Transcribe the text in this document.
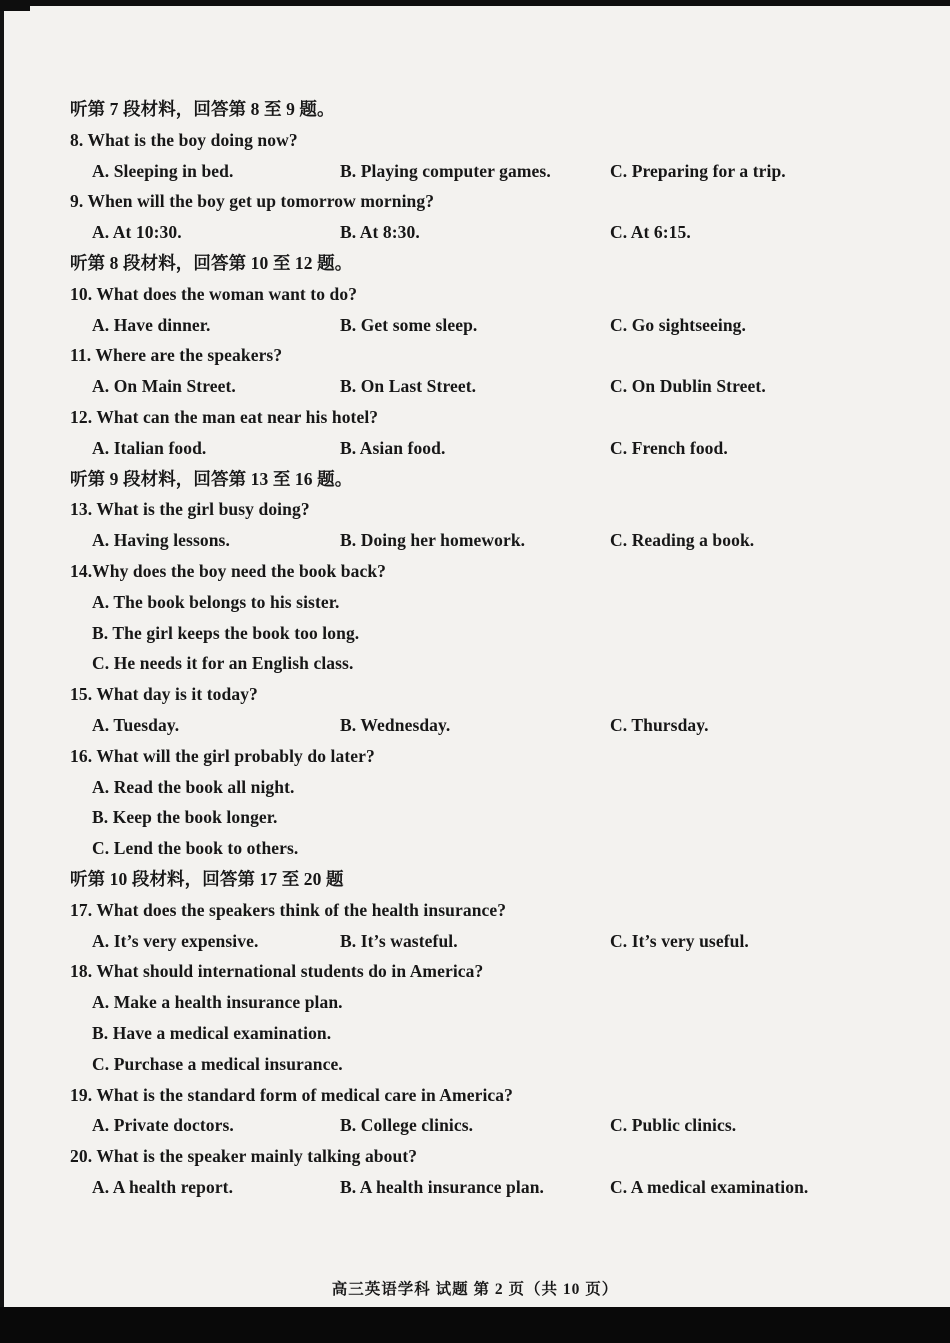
听第 7 段材料，回答第 8 至 9 题。
8. What is the boy doing now?
A. Sleeping in bed.	B. Playing computer games.	C. Preparing for a trip.
9. When will the boy get up tomorrow morning?
A. At 10:30.	B. At 8:30.	C. At 6:15.
听第 8 段材料，回答第 10 至 12 题。
10. What does the woman want to do?
A. Have dinner.	B. Get some sleep.	C. Go sightseeing.
11. Where are the speakers?
A. On Main Street.	B. On Last Street.	C. On Dublin Street.
12. What can the man eat near his hotel?
A. Italian food.	B. Asian food.	C. French food.
听第 9 段材料，回答第 13 至 16 题。
13. What is the girl busy doing?
A. Having lessons.	B. Doing her homework.	C. Reading a book.
14.Why does the boy need the book back?
A. The book belongs to his sister.
B. The girl keeps the book too long.
C. He needs it for an English class.
15. What day is it today?
A. Tuesday.	B. Wednesday.	C. Thursday.
16. What will the girl probably do later?
A. Read the book all night.
B. Keep the book longer.
C. Lend the book to others.
听第 10 段材料，回答第 17 至 20 题
17. What does the speakers think of the health insurance?
A. It’s very expensive.	B. It’s wasteful.	C. It’s very useful.
18. What should international students do in America?
A. Make a health insurance plan.
B. Have a medical examination.
C. Purchase a medical insurance.
19. What is the standard form of medical care in America?
A. Private doctors.	B. College clinics.	C. Public clinics.
20. What is the speaker mainly talking about?
A. A health report.	B. A health insurance plan.	C. A medical examination.
高三英语学科 试题 第 2 页（共 10 页）
